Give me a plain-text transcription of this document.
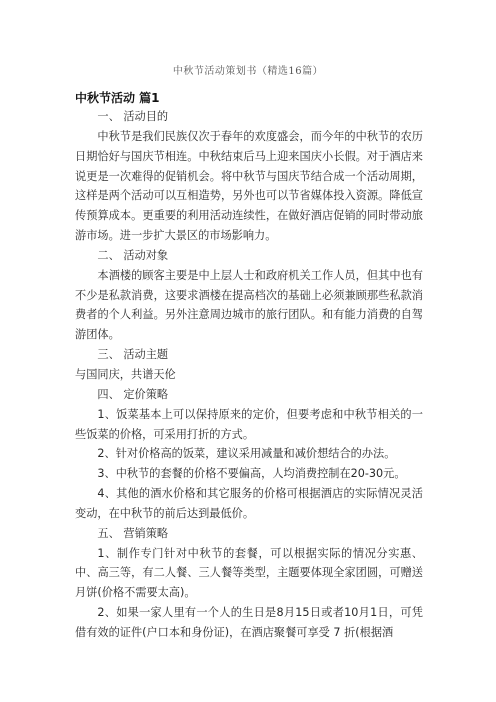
中秋节活动策划书（精选16篇）
中秋节活动 篇1

一、 活动目的

中秋节是我们民族仅次于春年的欢度盛会，而今年的中秋节的农历日期恰好与国庆节相连。中秋结束后马上迎来国庆小长假。对于酒店来说更是一次难得的促销机会。将中秋节与国庆节结合成一个活动周期，这样是两个活动可以互相造势，另外也可以节省媒体投入资源。降低宣传预算成本。更重要的利用活动连续性，在做好酒店促销的同时带动旅游市场。进一步扩大景区的市场影响力。

二、 活动对象

本酒楼的顾客主要是中上层人士和政府机关工作人员，但其中也有不少是私款消费，这要求酒楼在提高档次的基础上必须兼顾那些私款消费者的个人利益。另外注意周边城市的旅行团队。和有能力消费的自驾游团体。

三、 活动主题

与国同庆，共谱天伦

四、 定价策略

1、饭菜基本上可以保持原来的定价，但要考虑和中秋节相关的一些饭菜的价格，可采用打折的方式。

2、针对价格高的饭菜，建议采用减量和减价想结合的办法。

3、中秋节的套餐的价格不要偏高，人均消费控制在20-30元。

4、其他的酒水价格和其它服务的价格可根据酒店的实际情况灵活变动，在中秋节的前后达到最低价。

五、 营销策略

1、制作专门针对中秋节的套餐，可以根据实际的情况分实惠、中、高三等，有二人餐、三人餐等类型，主题要体现全家团圆，可赠送月饼(价格不需要太高)。

2、如果一家人里有一个人的生日是8月15日或者10月1日，可凭借有效的证件(户口本和身份证)，在酒店聚餐可享受 7 折(根据酒
